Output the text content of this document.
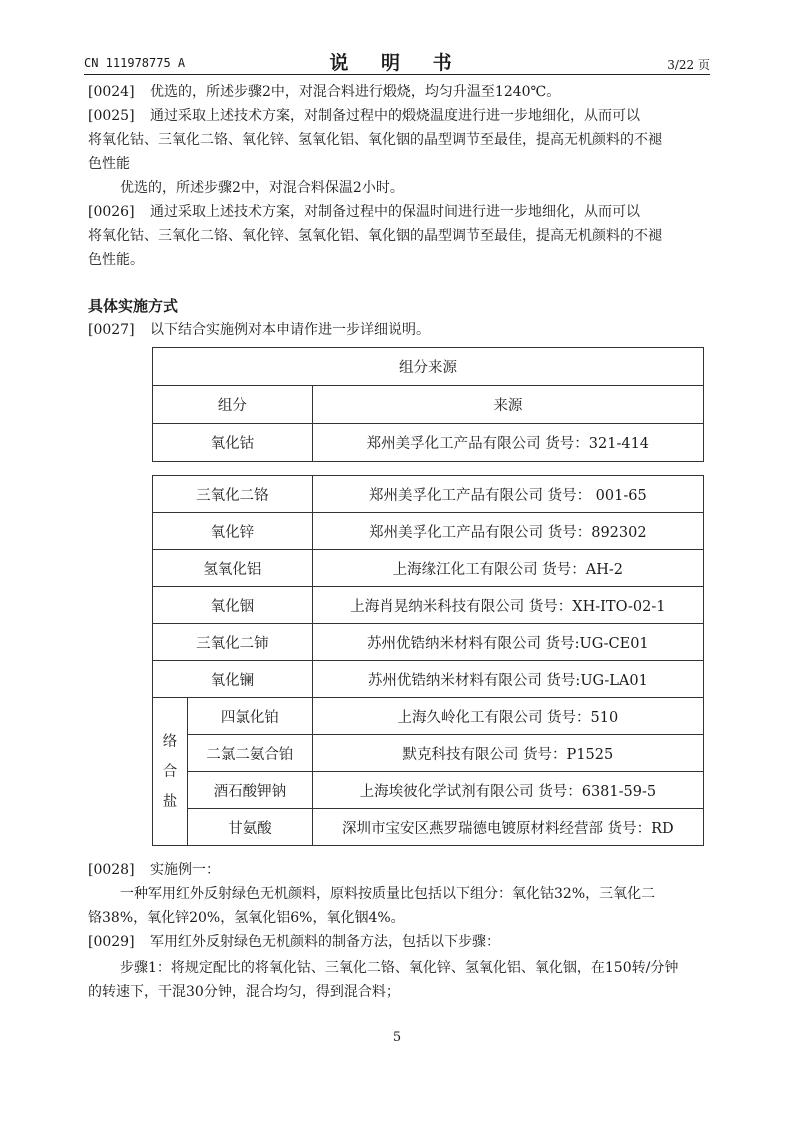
CN 111978775 A	说 明 书	3/22 页
[0024] 优选的，所述步骤2中，对混合料进行煅烧，均匀升温至1240℃。
[0025] 通过采取上述技术方案，对制备过程中的煅烧温度进行进一步地细化，从而可以
将氧化钴、三氧化二铬、氧化锌、氢氧化铝、氧化铟的晶型调节至最佳，提高无机颜料的不褪
色性能
优选的，所述步骤2中，对混合料保温2小时。
[0026] 通过采取上述技术方案，对制备过程中的保温时间进行进一步地细化，从而可以
将氧化钴、三氧化二铬、氧化锌、氢氧化铝、氧化铟的晶型调节至最佳，提高无机颜料的不褪
色性能。
具体实施方式
[0027] 以下结合实施例对本申请作进一步详细说明。
组分来源	
组分	来源
氧化钴	郑州美孚化工产品有限公司 货号：321-414
三氧化二铬		郑州美孚化工产品有限公司 货号： 001-65
氧化锌		郑州美孚化工产品有限公司 货号：892302
氢氧化铝		上海缘江化工有限公司 货号：AH-2
氧化铟		上海肖晃纳米科技有限公司 货号：XH-ITO-02-1
三氧化二铈		苏州优锆纳米材料有限公司 货号:UG-CE01
氧化镧		苏州优锆纳米材料有限公司 货号:UG-LA01
络
合
盐	四氯化铂	上海久岭化工有限公司 货号：510
	二氯二氨合铂	默克科技有限公司 货号：P1525
	酒石酸钾钠	上海埃彼化学试剂有限公司 货号：6381-59-5
	甘氨酸	深圳市宝安区燕罗瑞德电镀原材料经营部 货号：RD
[0028] 实施例一：
一种军用红外反射绿色无机颜料，原料按质量比包括以下组分：氧化钴32%，三氧化二
铬38%，氧化锌20%，氢氧化铝6%，氧化铟4%。
[0029] 军用红外反射绿色无机颜料的制备方法，包括以下步骤：
步骤1：将规定配比的将氧化钴、三氧化二铬、氧化锌、氢氧化铝、氧化铟，在150转/分钟
的转速下，干混30分钟，混合均匀，得到混合料；
5
